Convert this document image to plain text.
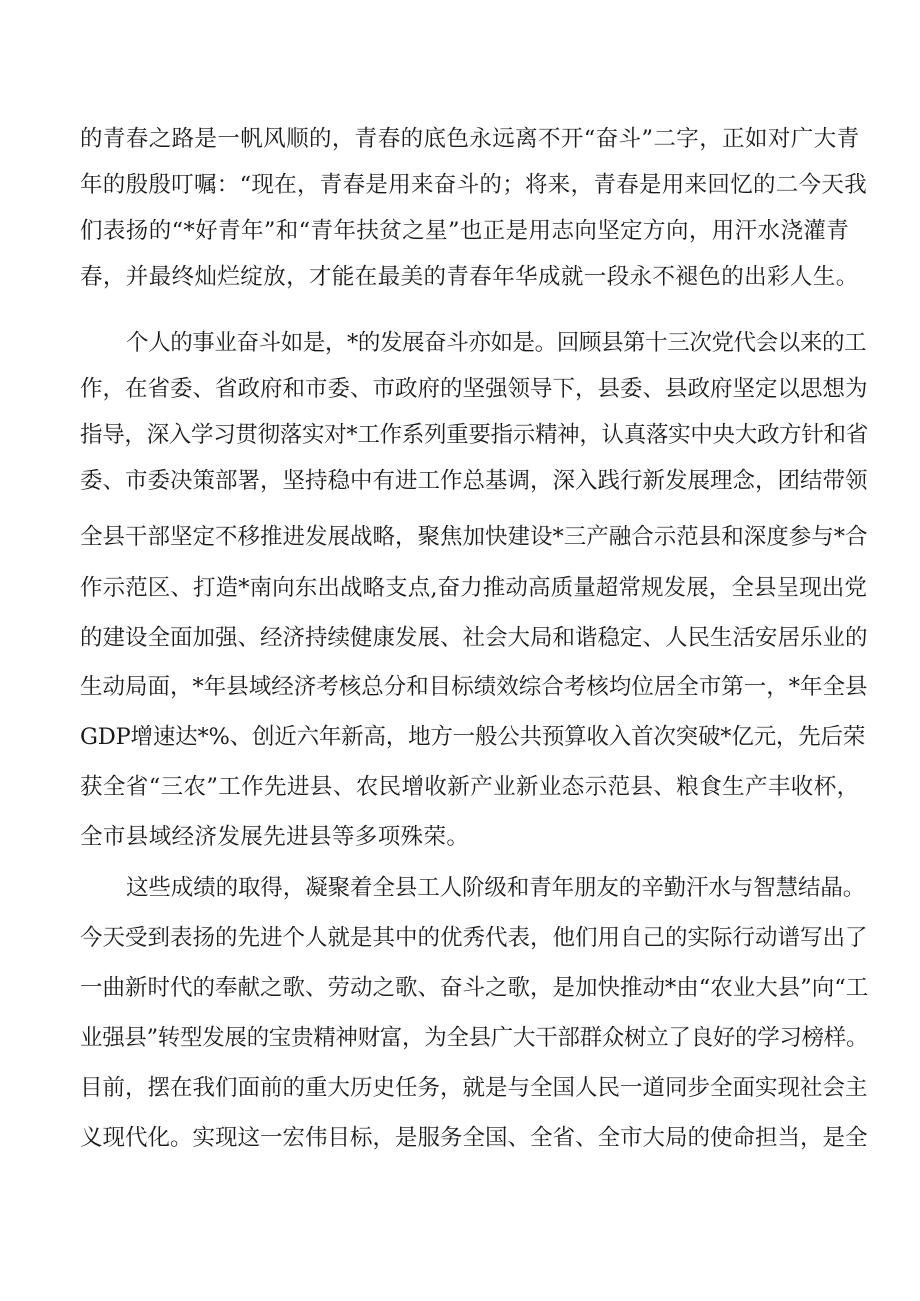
的青春之路是一帆风顺的，青春的底色永远离不开“奋斗”二字，正如对广大青
年的殷殷叮嘱：“现在，青春是用来奋斗的；将来，青春是用来回忆的二今天我
们表扬的“*好青年”和“青年扶贫之星”也正是用志向坚定方向，用汗水浇灌青
春，并最终灿烂绽放，才能在最美的青春年华成就一段永不褪色的出彩人生。
个人的事业奋斗如是，*的发展奋斗亦如是。回顾县第十三次党代会以来的工
作，在省委、省政府和市委、市政府的坚强领导下，县委、县政府坚定以思想为
指导，深入学习贯彻落实对*工作系列重要指示精神，认真落实中央大政方针和省
委、市委决策部署，坚持稳中有进工作总基调，深入践行新发展理念，团结带领
全县干部坚定不移推进发展战略，聚焦加快建设*三产融合示范县和深度参与*合
作示范区、打造*南向东出战略支点,奋力推动高质量超常规发展，全县呈现出党
的建设全面加强、经济持续健康发展、社会大局和谐稳定、人民生活安居乐业的
生动局面，*年县域经济考核总分和目标绩效综合考核均位居全市第一，*年全县
GDP增速达*%、创近六年新高，地方一般公共预算收入首次突破*亿元，先后荣
获全省“三农”工作先进县、农民增收新产业新业态示范县、粮食生产丰收杯，
全市县域经济发展先进县等多项殊荣。
这些成绩的取得，凝聚着全县工人阶级和青年朋友的辛勤汗水与智慧结晶。
今天受到表扬的先进个人就是其中的优秀代表，他们用自己的实际行动谱写出了
一曲新时代的奉献之歌、劳动之歌、奋斗之歌，是加快推动*由“农业大县”向“工
业强县”转型发展的宝贵精神财富，为全县广大干部群众树立了良好的学习榜样。
目前，摆在我们面前的重大历史任务，就是与全国人民一道同步全面实现社会主
义现代化。实现这一宏伟目标，是服务全国、全省、全市大局的使命担当，是全
